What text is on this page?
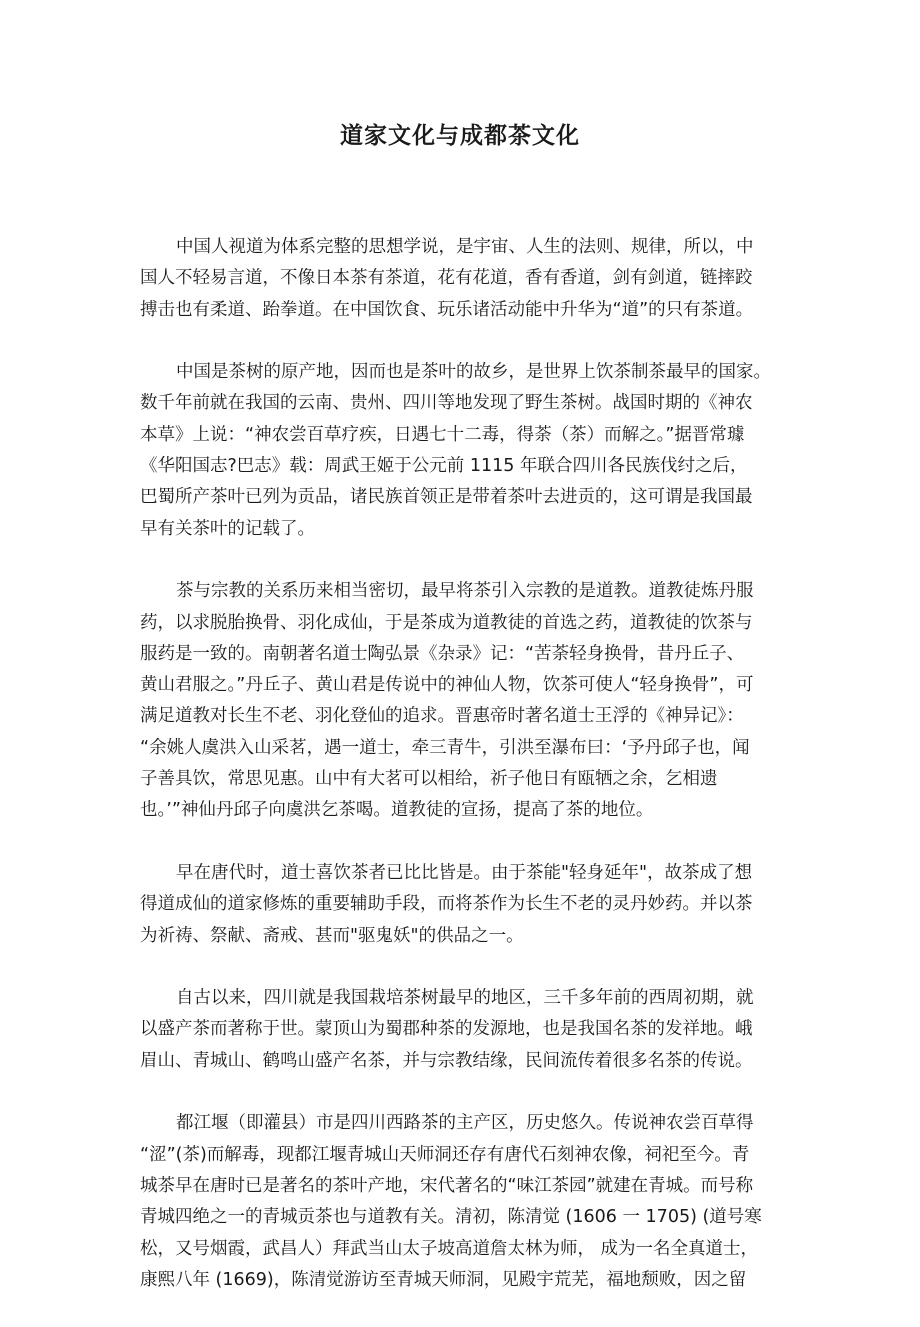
道家文化与成都茶文化

中国人视道为体系完整的思想学说，是宇宙、人生的法则、规律，所以，中
国人不轻易言道，不像日本茶有茶道，花有花道，香有香道，剑有剑道，链摔跤
搏击也有柔道、跆拳道。在中国饮食、玩乐诸活动能中升华为“道”的只有茶道。

中国是茶树的原产地，因而也是茶叶的故乡，是世界上饮茶制茶最早的国家。
数千年前就在我国的云南、贵州、四川等地发现了野生茶树。战国时期的《神农
本草》上说：“神农尝百草疗疾，日遇七十二毒，得荼（茶）而解之。”据晋常璩
《华阳国志?巴志》载：周武王姬于公元前 1115 年联合四川各民族伐纣之后，
巴蜀所产茶叶已列为贡品，诸民族首领正是带着茶叶去进贡的，这可谓是我国最
早有关茶叶的记载了。

茶与宗教的关系历来相当密切，最早将茶引入宗教的是道教。道教徒炼丹服
药，以求脱胎换骨、羽化成仙，于是茶成为道教徒的首选之药，道教徒的饮茶与
服药是一致的。南朝著名道士陶弘景《杂录》记：“苦荼轻身换骨，昔丹丘子、
黄山君服之。”丹丘子、黄山君是传说中的神仙人物，饮茶可使人“轻身换骨”，可
满足道教对长生不老、羽化登仙的追求。晋惠帝时著名道士王浮的《神异记》：
“余姚人虞洪入山采茗，遇一道士，牵三青牛，引洪至瀑布曰：‘予丹邱子也，闻
子善具饮，常思见惠。山中有大茗可以相给，祈子他日有瓯牺之余，乞相遗
也。’”神仙丹邱子向虞洪乞茶喝。道教徒的宣扬，提高了茶的地位。

早在唐代时，道士喜饮茶者已比比皆是。由于茶能"轻身延年"，故茶成了想
得道成仙的道家修炼的重要辅助手段，而将茶作为长生不老的灵丹妙药。并以茶
为祈祷、祭献、斋戒、甚而"驱鬼妖"的供品之一。

自古以来，四川就是我国栽培茶树最早的地区，三千多年前的西周初期，就
以盛产茶而著称于世。蒙顶山为蜀郡种茶的发源地，也是我国名茶的发祥地。峨
眉山、青城山、鹤鸣山盛产名茶，并与宗教结缘，民间流传着很多名茶的传说。

都江堰（即灌县）市是四川西路茶的主产区，历史悠久。传说神农尝百草得
“涩”(茶)而解毒，现都江堰青城山天师洞还存有唐代石刻神农像，祠祀至今。青
城茶早在唐时已是著名的茶叶产地，宋代著名的“味江茶园”就建在青城。而号称
青城四绝之一的青城贡茶也与道教有关。清初，陈清觉 (1606 一 1705) (道号寒
松，又号烟霞，武昌人）拜武当山太子坡高道詹太林为师， 成为一名全真道士，
康熙八年 (1669)，陈清觉游访至青城天师洞，见殿宇荒芜，福地颓败，因之留
